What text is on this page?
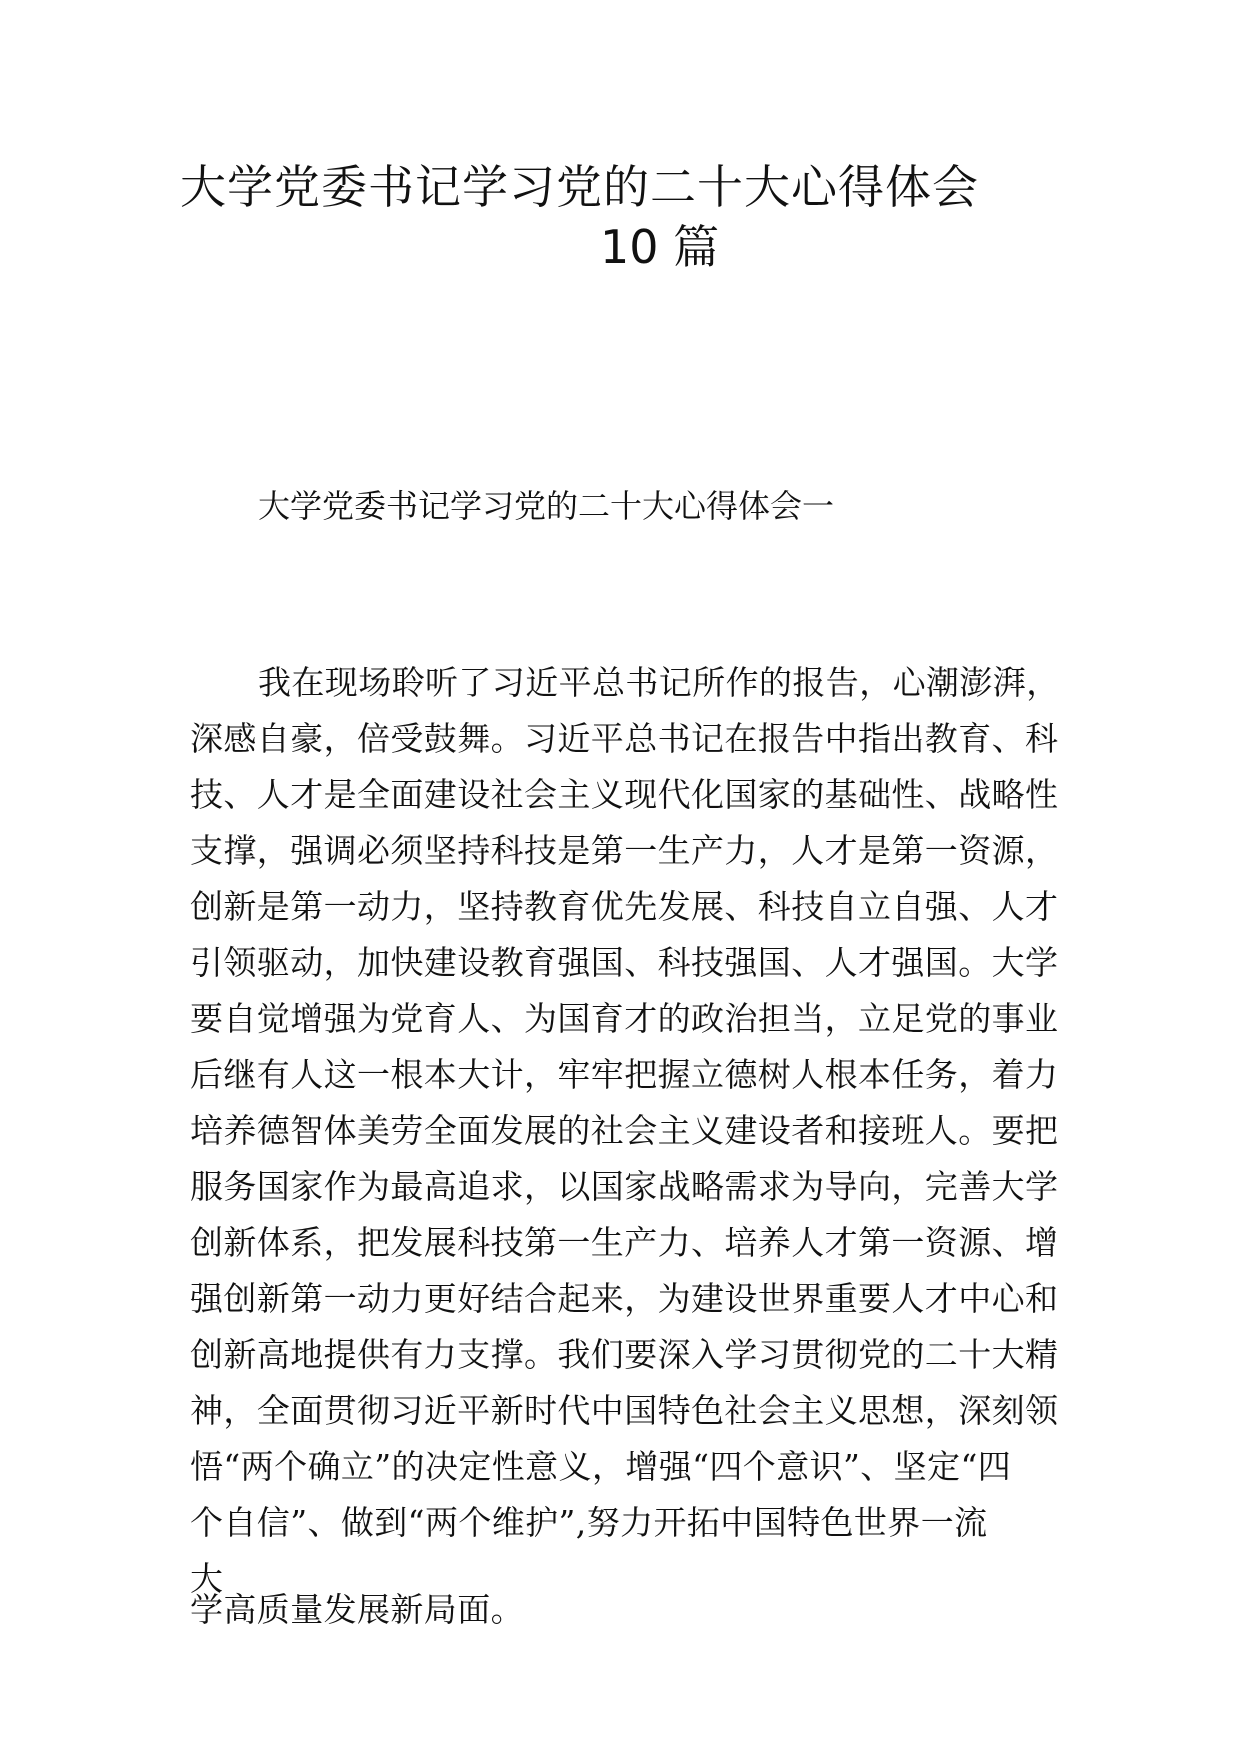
大学党委书记学习党的二十大心得体会
10 篇
大学党委书记学习党的二十大心得体会一
我在现场聆听了习近平总书记所作的报告，心潮澎湃，
深感自豪，倍受鼓舞。习近平总书记在报告中指出教育、科
技、人才是全面建设社会主义现代化国家的基础性、战略性
支撑，强调必须坚持科技是第一生产力，人才是第一资源，
创新是第一动力，坚持教育优先发展、科技自立自强、人才
引领驱动，加快建设教育强国、科技强国、人才强国。大学
要自觉增强为党育人、为国育才的政治担当，立足党的事业
后继有人这一根本大计，牢牢把握立德树人根本任务，着力
培养德智体美劳全面发展的社会主义建设者和接班人。要把
服务国家作为最高追求，以国家战略需求为导向，完善大学
创新体系，把发展科技第一生产力、培养人才第一资源、增
强创新第一动力更好结合起来，为建设世界重要人才中心和
创新高地提供有力支撑。我们要深入学习贯彻党的二十大精
神，全面贯彻习近平新时代中国特色社会主义思想，深刻领
悟“两个确立”的决定性意义，增强“四个意识”、坚定“四
个自信”、做到“两个维护”,努力开拓中国特色世界一流
大
学高质量发展新局面。
